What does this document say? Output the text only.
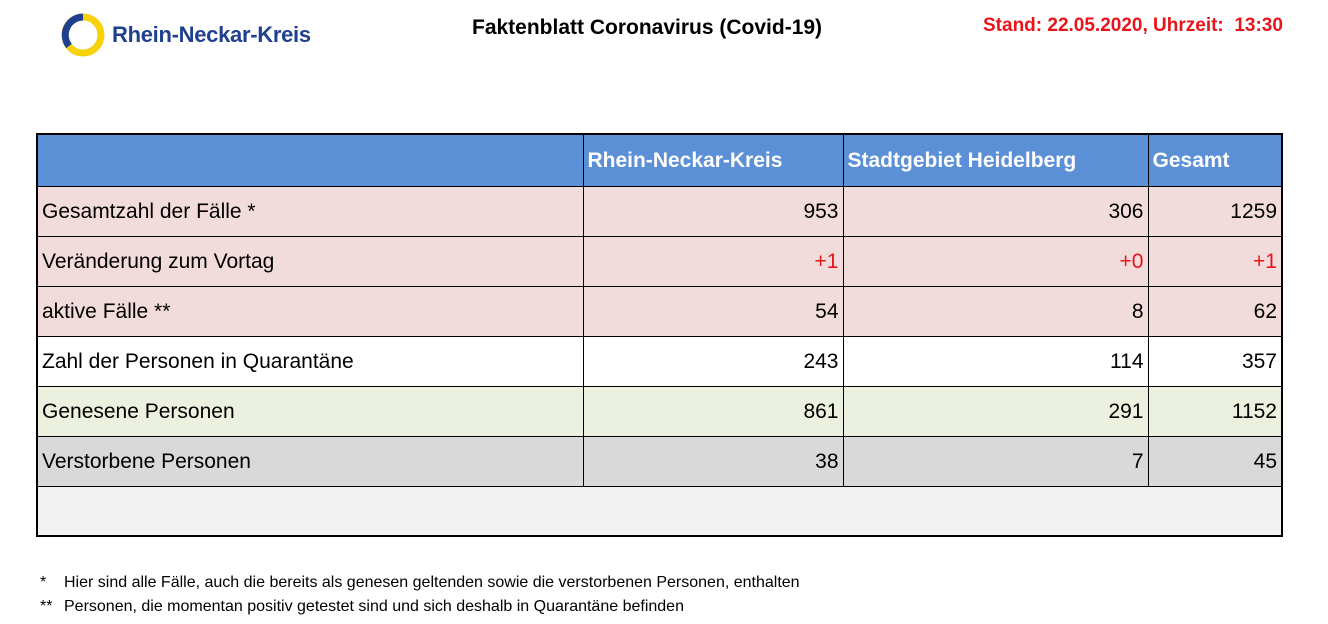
Rhein-Neckar-Kreis	Faktenblatt Coronavirus (Covid-19)	Stand: 22.05.2020, Uhrzeit:  13:30
	Rhein-Neckar-Kreis	Stadtgebiet Heidelberg	Gesamt
Gesamtzahl der Fälle *	953	306	1259
Veränderung zum Vortag	+1	+0	+1
aktive Fälle **	54	8	62
Zahl der Personen in Quarantäne	243	114	357
Genesene Personen	861	291	1152
Verstorbene Personen	38	7	45

* Hier sind alle Fälle, auch die bereits als genesen geltenden sowie die verstorbenen Personen, enthalten
** Personen, die momentan positiv getestet sind und sich deshalb in Quarantäne befinden
